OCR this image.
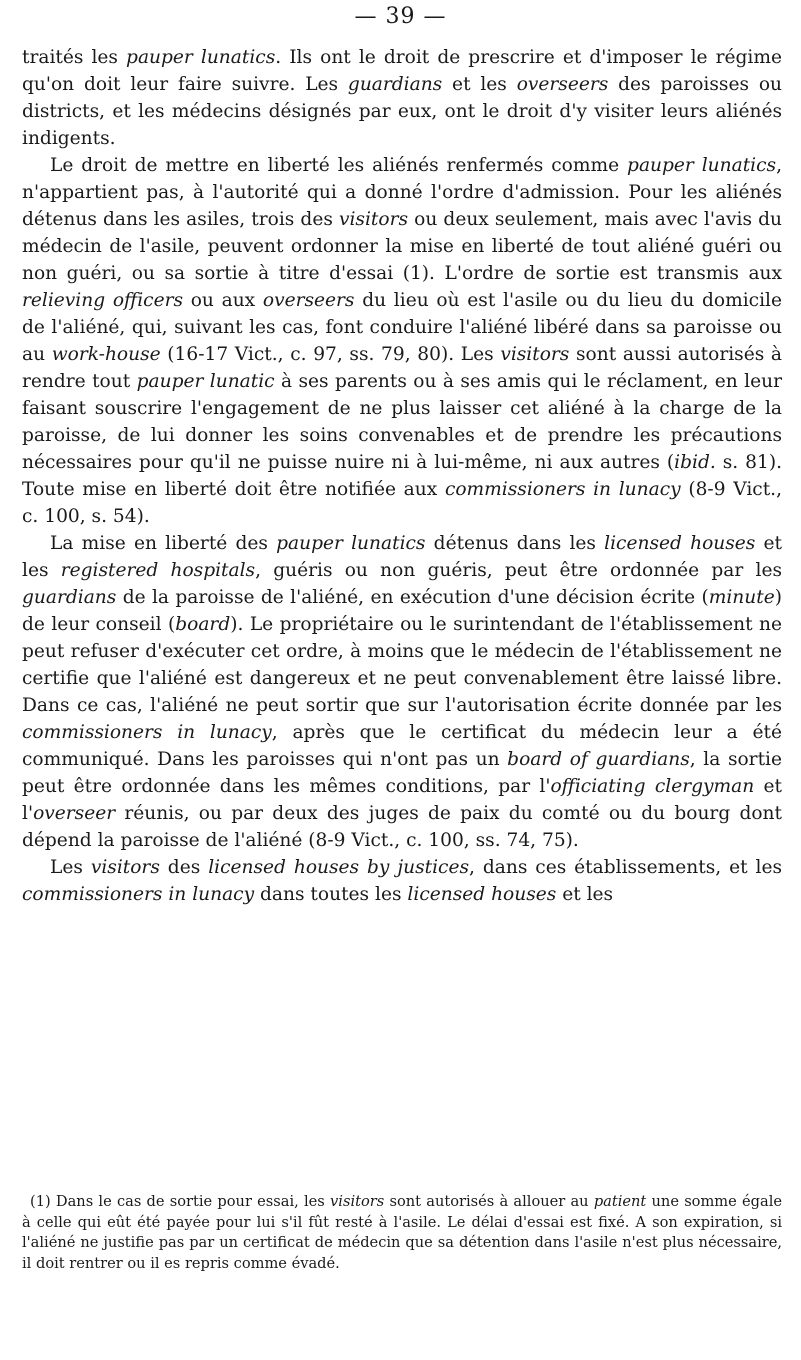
— 39 —

traités les pauper lunatics. Ils ont le droit de prescrire et d'imposer le régime qu'on doit leur faire suivre. Les guardians et les overseers des paroisses ou districts, et les médecins désignés par eux, ont le droit d'y visiter leurs aliénés indigents.

Le droit de mettre en liberté les aliénés renfermés comme pauper lunatics, n'appartient pas, à l'autorité qui a donné l'ordre d'admission. Pour les aliénés détenus dans les asiles, trois des visitors ou deux seulement, mais avec l'avis du médecin de l'asile, peuvent ordonner la mise en liberté de tout aliéné guéri ou non guéri, ou sa sortie à titre d'essai (1). L'ordre de sortie est transmis aux relieving officers ou aux overseers du lieu où est l'asile ou du lieu du domicile de l'aliéné, qui, suivant les cas, font conduire l'aliéné libéré dans sa paroisse ou au work-house (16-17 Vict., c. 97, ss. 79, 80). Les visitors sont aussi autorisés à rendre tout pauper lunatic à ses parents ou à ses amis qui le réclament, en leur faisant souscrire l'engagement de ne plus laisser cet aliéné à la charge de la paroisse, de lui donner les soins convenables et de prendre les précautions nécessaires pour qu'il ne puisse nuire ni à lui-même, ni aux autres (ibid. s. 81). Toute mise en liberté doit être notifiée aux commissioners in lunacy (8-9 Vict., c. 100, s. 54).

La mise en liberté des pauper lunatics détenus dans les licensed houses et les registered hospitals, guéris ou non guéris, peut être ordonnée par les guardians de la paroisse de l'aliéné, en exécution d'une décision écrite (minute) de leur conseil (board). Le propriétaire ou le surintendant de l'établissement ne peut refuser d'exécuter cet ordre, à moins que le médecin de l'établissement ne certifie que l'aliéné est dangereux et ne peut convenablement être laissé libre. Dans ce cas, l'aliéné ne peut sortir que sur l'autorisation écrite donnée par les commissioners in lunacy, après que le certificat du médecin leur a été communiqué. Dans les paroisses qui n'ont pas un board of guardians, la sortie peut être ordonnée dans les mêmes conditions, par l'officiating clergyman et l'overseer réunis, ou par deux des juges de paix du comté ou du bourg dont dépend la paroisse de l'aliéné (8-9 Vict., c. 100, ss. 74, 75).

Les visitors des licensed houses by justices, dans ces établissements, et les commissioners in lunacy dans toutes les licensed houses et les

(1) Dans le cas de sortie pour essai, les visitors sont autorisés à allouer au patient une somme égale à celle qui eût été payée pour lui s'il fût resté à l'asile. Le délai d'essai est fixé. A son expiration, si l'aliéné ne justifie pas par un certificat de médecin que sa détention dans l'asile n'est plus nécessaire, il doit rentrer ou il es repris comme évadé.
